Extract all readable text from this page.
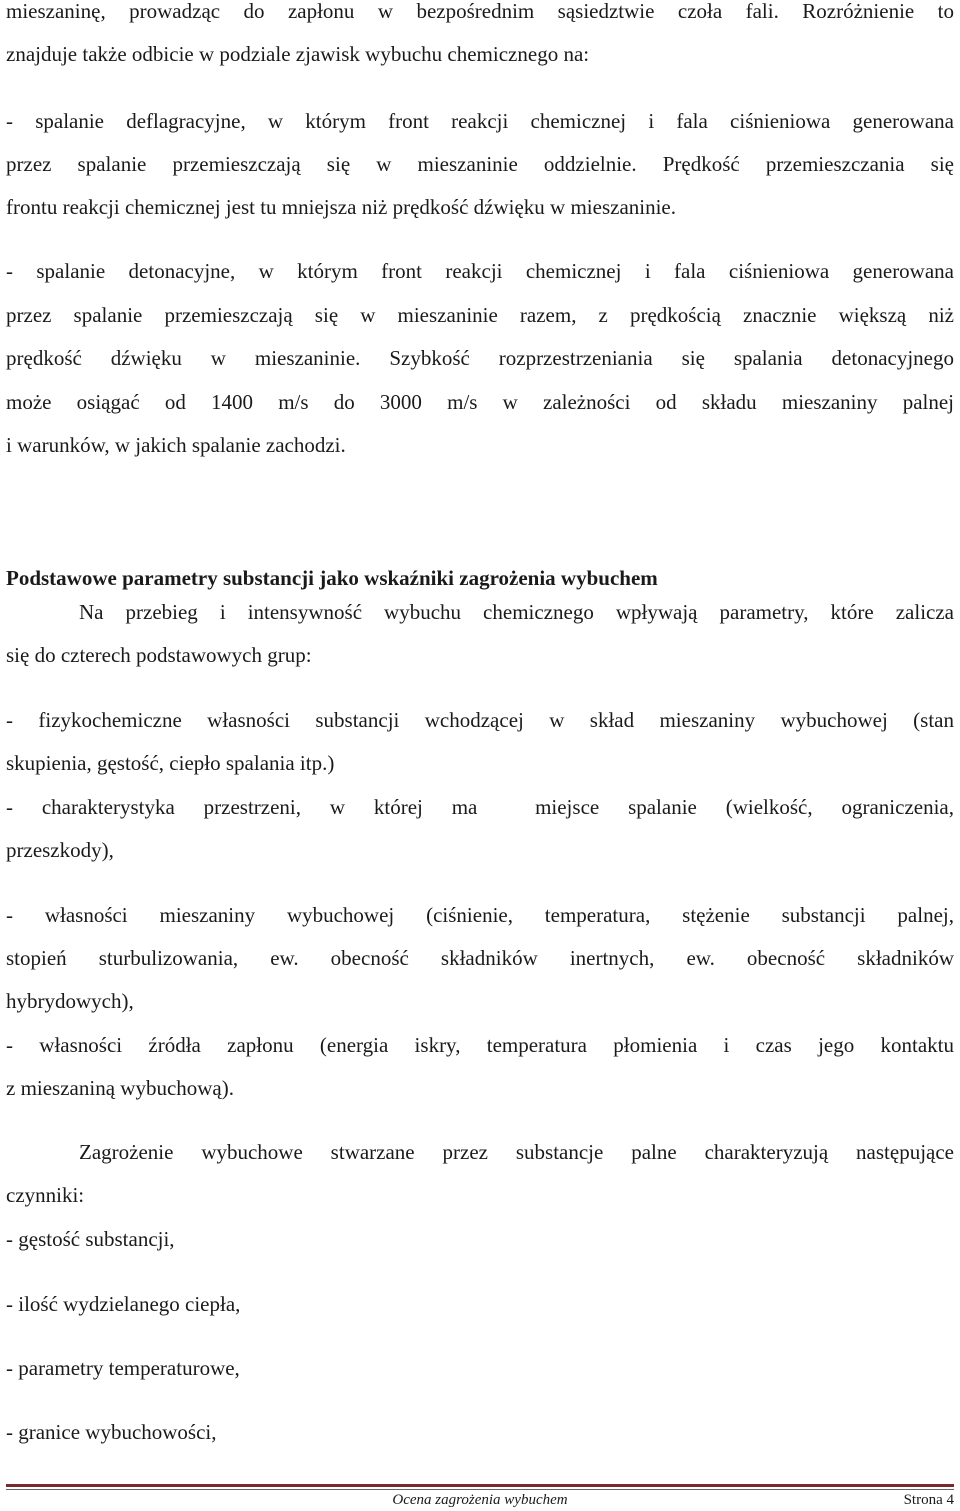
mieszaninę, prowadząc do zapłonu w bezpośrednim sąsiedztwie czoła fali. Rozróżnienie to
znajduje także odbicie w podziale zjawisk wybuchu chemicznego na:
- spalanie deflagracyjne, w którym front reakcji chemicznej i fala ciśnieniowa generowana
przez spalanie przemieszczają się w mieszaninie oddzielnie. Prędkość przemieszczania się
frontu reakcji chemicznej jest tu mniejsza niż prędkość dźwięku w mieszaninie.
- spalanie detonacyjne, w którym front reakcji chemicznej i fala ciśnieniowa generowana
przez spalanie przemieszczają się w mieszaninie razem, z prędkością znacznie większą niż
prędkość dźwięku w mieszaninie. Szybkość rozprzestrzeniania się spalania detonacyjnego
może osiągać od 1400 m/s do 3000 m/s w zależności od składu mieszaniny palnej
i warunków, w jakich spalanie zachodzi.
Podstawowe parametry substancji jako wskaźniki zagrożenia wybuchem
Na przebieg i intensywność wybuchu chemicznego wpływają parametry, które zalicza
się do czterech podstawowych grup:
- fizykochemiczne własności substancji wchodzącej w skład mieszaniny wybuchowej (stan
skupienia, gęstość, ciepło spalania itp.)
- charakterystyka przestrzeni, w której ma  miejsce spalanie (wielkość, ograniczenia,
przeszkody),
- własności mieszaniny wybuchowej (ciśnienie, temperatura, stężenie substancji palnej,
stopień sturbulizowania, ew. obecność składników inertnych, ew. obecność składników
hybrydowych),
- własności źródła zapłonu (energia iskry, temperatura płomienia i czas jego kontaktu
z mieszaniną wybuchową).
Zagrożenie wybuchowe stwarzane przez substancje palne charakteryzują następujące
czynniki:
- gęstość substancji,
- ilość wydzielanego ciepła,
- parametry temperaturowe,
- granice wybuchowości,
Ocena zagrożenia wybuchem	Strona 4
